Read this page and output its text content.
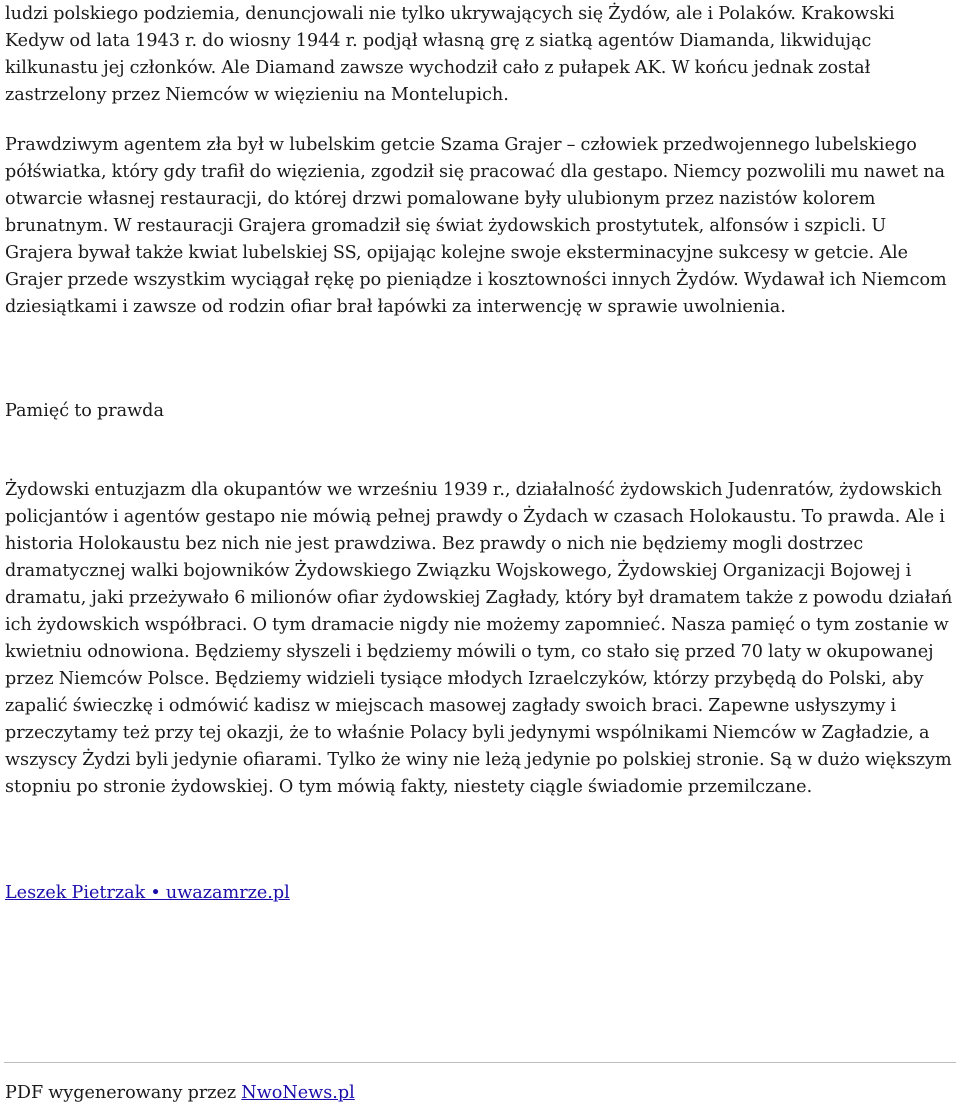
ludzi polskiego podziemia, denuncjowali nie tylko ukrywających się Żydów, ale i Polaków. Krakowski Kedyw od lata 1943 r. do wiosny 1944 r. podjął własną grę z siatką agentów Diamanda, likwidując kilkunastu jej członków. Ale Diamand zawsze wychodził cało z pułapek AK. W końcu jednak został zastrzelony przez Niemców w więzieniu na Montelupich.

Prawdziwym agentem zła był w lubelskim getcie Szama Grajer – człowiek przedwojennego lubelskiego półświatka, który gdy trafił do więzienia, zgodził się pracować dla gestapo. Niemcy pozwolili mu nawet na otwarcie własnej restauracji, do której drzwi pomalowane były ulubionym przez nazistów kolorem brunatnym. W restauracji Grajera gromadził się świat żydowskich prostytutek, alfonsów i szpicli. U Grajera bywał także kwiat lubelskiej SS, opijając kolejne swoje eksterminacyjne sukcesy w getcie. Ale Grajer przede wszystkim wyciągał rękę po pieniądze i kosztowności innych Żydów. Wydawał ich Niemcom dziesiątkami i zawsze od rodzin ofiar brał łapówki za interwencję w sprawie uwolnienia.

Pamięć to prawda

Żydowski entuzjazm dla okupantów we wrześniu 1939 r., działalność żydowskich Judenratów, żydowskich policjantów i agentów gestapo nie mówią pełnej prawdy o Żydach w czasach Holokaustu. To prawda. Ale i historia Holokaustu bez nich nie jest prawdziwa. Bez prawdy o nich nie będziemy mogli dostrzec dramatycznej walki bojowników Żydowskiego Związku Wojskowego, Żydowskiej Organizacji Bojowej i dramatu, jaki przeżywało 6 milionów ofiar żydowskiej Zagłady, który był dramatem także z powodu działań ich żydowskich współbraci. O tym dramacie nigdy nie możemy zapomnieć. Nasza pamięć o tym zostanie w kwietniu odnowiona. Będziemy słyszeli i będziemy mówili o tym, co stało się przed 70 laty w okupowanej przez Niemców Polsce. Będziemy widzieli tysiące młodych Izraelczyków, którzy przybędą do Polski, aby zapalić świeczkę i odmówić kadisz w miejscach masowej zagłady swoich braci. Zapewne usłyszymy i przeczytamy też przy tej okazji, że to właśnie Polacy byli jedynymi wspólnikami Niemców w Zagładzie, a wszyscy Żydzi byli jedynie ofiarami. Tylko że winy nie leżą jedynie po polskiej stronie. Są w dużo większym stopniu po stronie żydowskiej. O tym mówią fakty, niestety ciągle świadomie przemilczane.

Leszek Pietrzak • uwazamrze.pl

PDF wygenerowany przez NwoNews.pl
